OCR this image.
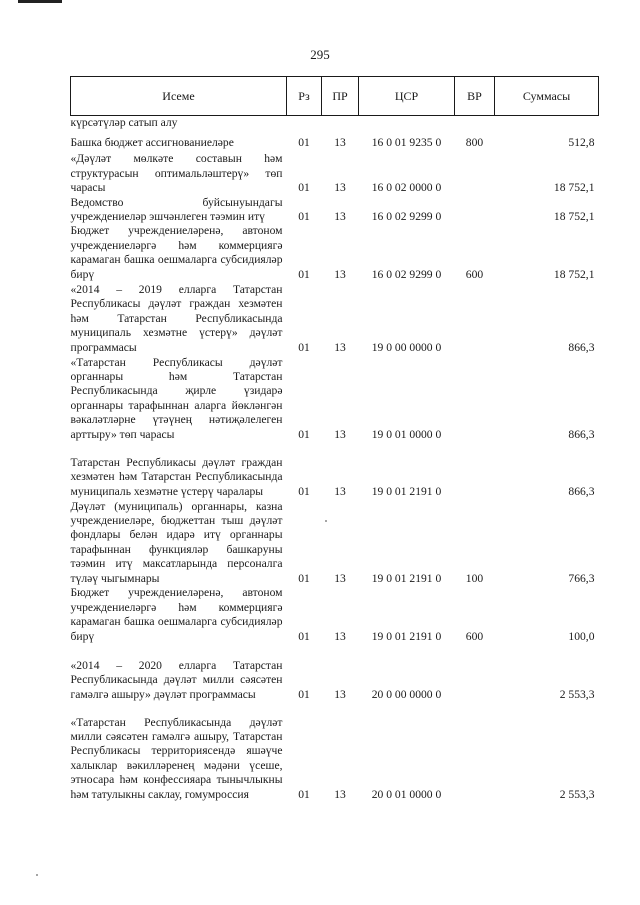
295
Исеме	Рз	ПР	ЦСР	ВР	Суммасы
күрсәтүләр сатып алу					
Башка бюджет ассигнованиеләре	01	13	16 0 01 9235 0	800	512,8
«Дәүләт мөлкәте составын һәм структурасын оптимальләштерү» төп чарасы	01	13	16 0 02 0000 0		18 752,1
Ведомство буйсынуындагы учреждениеләр эшчәнлеген тәэмин итү	01	13	16 0 02 9299 0		18 752,1
Бюджет учреждениеләренә, автоном учреждениеләргә һәм коммерциягә карамаган башка оешмаларга субсидияләр бирү	01	13	16 0 02 9299 0	600	18 752,1
«2014 – 2019 елларга Татарстан Республикасы дәүләт граждан хезмәтен һәм Татарстан Республикасында муниципаль хезмәтне үстерү» дәүләт программасы	01	13	19 0 00 0000 0		866,3
«Татарстан Республикасы дәүләт органнары һәм Татарстан Республикасында җирле үзидарә органнары тарафыннан аларга йөкләнгән вәкаләтләрне үтәүнең нәтиҗәлелеген арттыру» төп чарасы	01	13	19 0 01 0000 0		866,3
Татарстан Республикасы дәүләт граждан хезмәтен һәм Татарстан Республикасында муниципаль хезмәтне үстерү чаралары	01	13	19 0 01 2191 0		866,3
Дәүләт (муниципаль) органнары, казна учреждениеләре, бюджеттан тыш дәүләт фондлары белән идарә итү органнары тарафыннан функцияләр башкаруны тәэмин итү максатларында персоналга түләү чыгымнары	01	13	19 0 01 2191 0	100	766,3
Бюджет учреждениеләренә, автоном учреждениеләргә һәм коммерциягә карамаган башка оешмаларга субсидияләр бирү	01	13	19 0 01 2191 0	600	100,0
«2014 – 2020 елларга Татарстан Республикасында дәүләт милли сәясәтен гамәлгә ашыру» дәүләт программасы	01	13	20 0 00 0000 0		2 553,3
«Татарстан Республикасында дәүләт милли сәясәтен гамәлгә ашыру, Татарстан Республикасы территориясендә яшәүче халыклар вәкилләренең мәдәни үсеше, этносара һәм конфессияара тынычлыкны һәм татулыкны саклау, гомумроссия	01	13	20 0 01 0000 0		2 553,3
